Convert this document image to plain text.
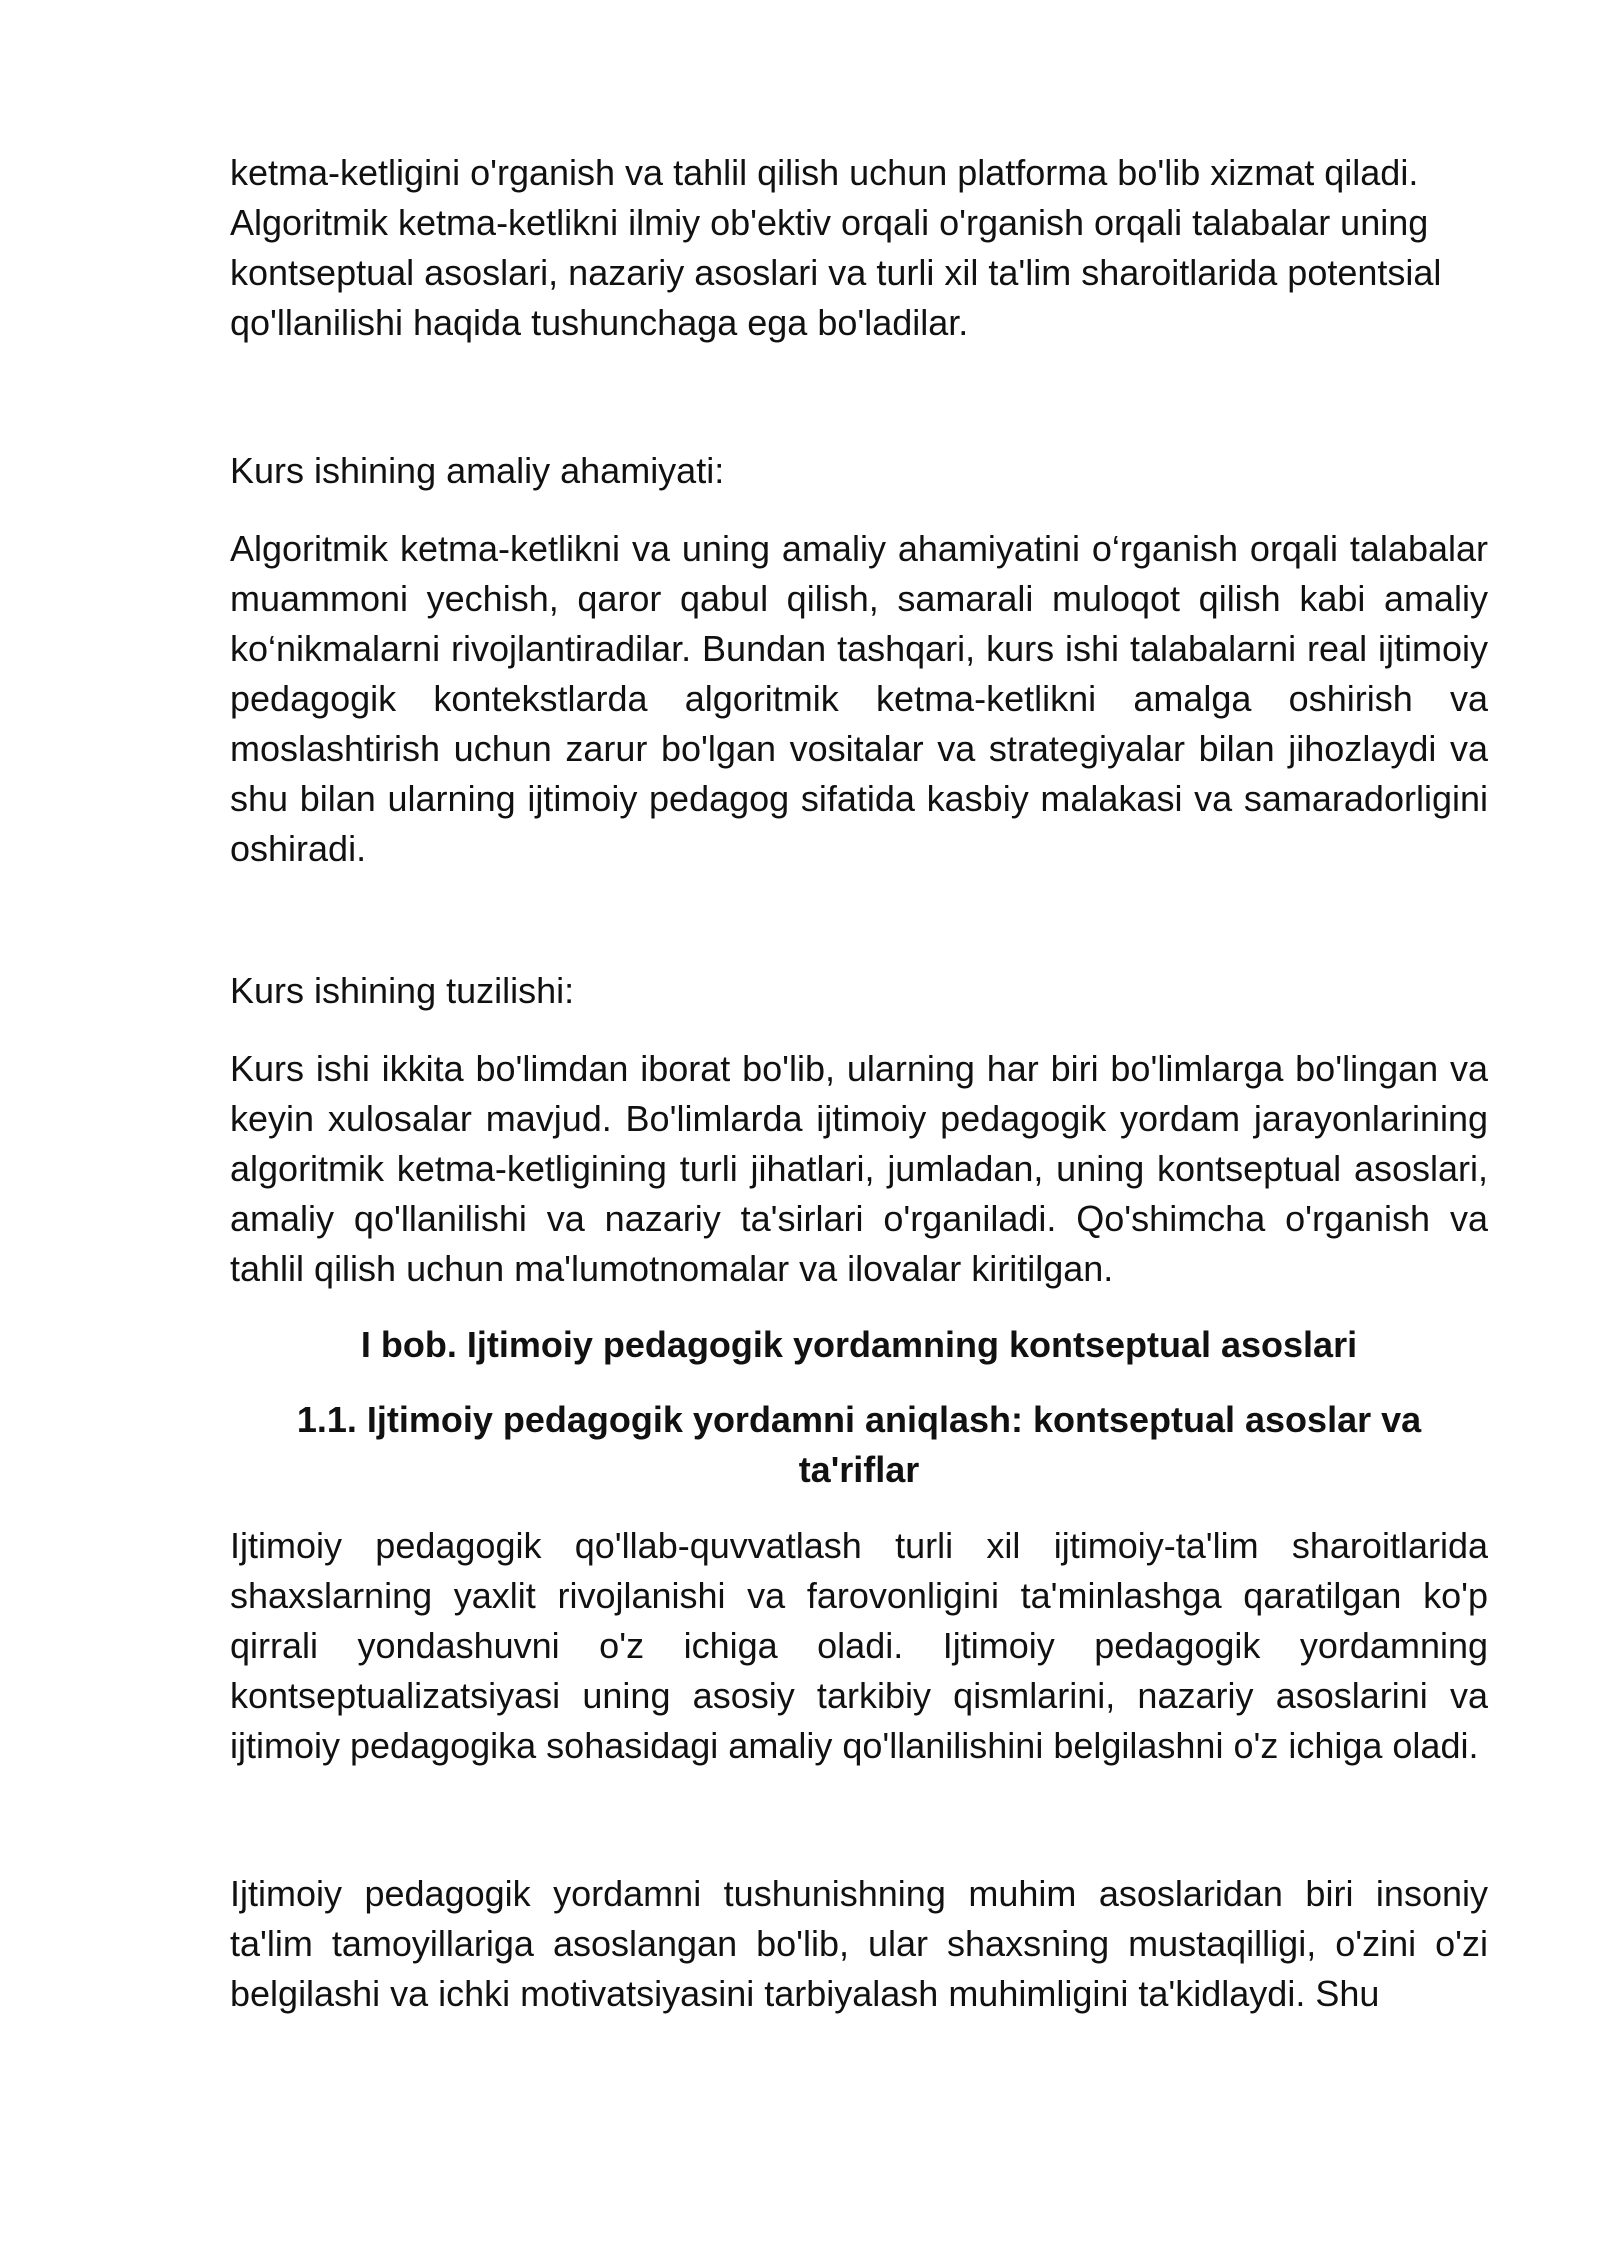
ketma-ketligini o'rganish va tahlil qilish uchun platforma bo'lib xizmat qiladi. Algoritmik ketma-ketlikni ilmiy ob'ektiv orqali o'rganish orqali talabalar uning kontseptual asoslari, nazariy asoslari va turli xil ta'lim sharoitlarida potentsial qo'llanilishi haqida tushunchaga ega bo'ladilar.

Kurs ishining amaliy ahamiyati:

Algoritmik ketma-ketlikni va uning amaliy ahamiyatini o‘rganish orqali talabalar muammoni yechish, qaror qabul qilish, samarali muloqot qilish kabi amaliy ko‘nikmalarni rivojlantiradilar. Bundan tashqari, kurs ishi talabalarni real ijtimoiy pedagogik kontekstlarda algoritmik ketma-ketlikni amalga oshirish va moslashtirish uchun zarur bo'lgan vositalar va strategiyalar bilan jihozlaydi va shu bilan ularning ijtimoiy pedagog sifatida kasbiy malakasi va samaradorligini oshiradi.

Kurs ishining tuzilishi:

Kurs ishi ikkita bo'limdan iborat bo'lib, ularning har biri bo'limlarga bo'lingan va keyin xulosalar mavjud. Bo'limlarda ijtimoiy pedagogik yordam jarayonlarining algoritmik ketma-ketligining turli jihatlari, jumladan, uning kontseptual asoslari, amaliy qo'llanilishi va nazariy ta'sirlari o'rganiladi. Qo'shimcha o'rganish va tahlil qilish uchun ma'lumotnomalar va ilovalar kiritilgan.

I bob. Ijtimoiy pedagogik yordamning kontseptual asoslari

1.1. Ijtimoiy pedagogik yordamni aniqlash: kontseptual asoslar va ta'riflar

Ijtimoiy pedagogik qo'llab-quvvatlash turli xil ijtimoiy-ta'lim sharoitlarida shaxslarning yaxlit rivojlanishi va farovonligini ta'minlashga qaratilgan ko'p qirrali yondashuvni o'z ichiga oladi. Ijtimoiy pedagogik yordamning kontseptualizatsiyasi uning asosiy tarkibiy qismlarini, nazariy asoslarini va ijtimoiy pedagogika sohasidagi amaliy qo'llanilishini belgilashni o'z ichiga oladi.

Ijtimoiy pedagogik yordamni tushunishning muhim asoslaridan biri insoniy ta'lim tamoyillariga asoslangan bo'lib, ular shaxsning mustaqilligi, o'zini o'zi belgilashi va ichki motivatsiyasini tarbiyalash muhimligini ta'kidlaydi. Shu
